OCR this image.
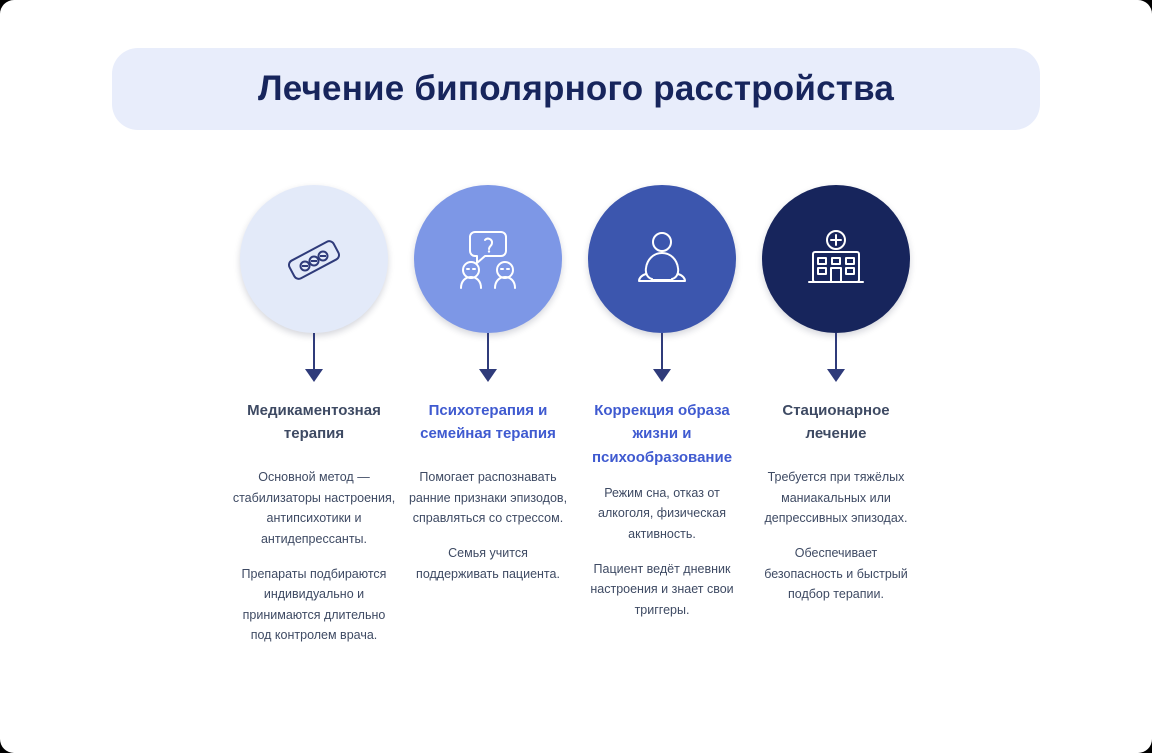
Лечение биполярного расстройства
Медикаментозная терапия

Основной метод — стабилизаторы настроения, антипсихотики и антидепрессанты.

Препараты подбираются индивидуально и принимаются длительно под контролем врача.

Психотерапия и семейная терапия

Помогает распознавать ранние признаки эпизодов, справляться со стрессом.

Семья учится поддерживать пациента.

Коррекция образа жизни и психообразование

Режим сна, отказ от алкоголя, физическая активность.

Пациент ведёт дневник настроения и знает свои триггеры.

Стационарное лечение

Требуется при тяжёлых маниакальных или депрессивных эпизодах.

Обеспечивает безопасность и быстрый подбор терапии.
